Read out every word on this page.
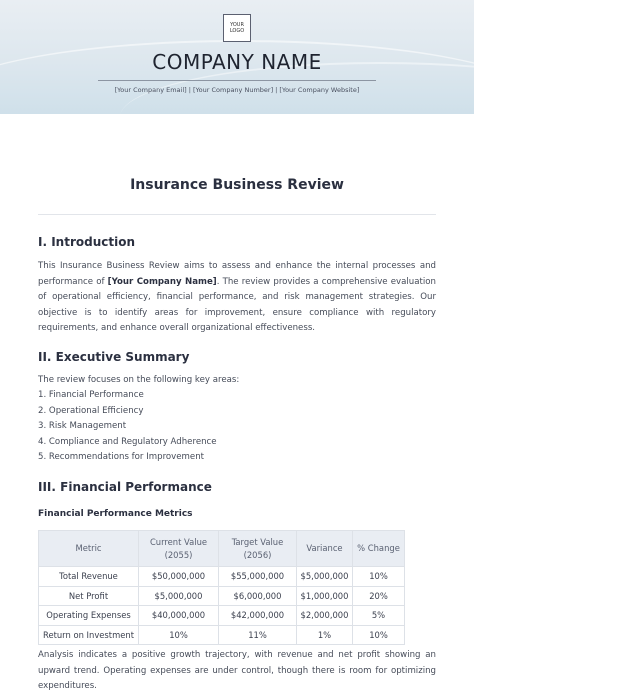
YOUR
LOGO
COMPANY NAME
[Your Company Email] | [Your Company Number] | [Your Company Website]
Insurance Business Review
I. Introduction

This Insurance Business Review aims to assess and enhance the internal processes and performance of [Your Company Name]. The review provides a comprehensive evaluation of operational efficiency, financial performance, and risk management strategies. Our objective is to identify areas for improvement, ensure compliance with regulatory requirements, and enhance overall organizational effectiveness.

II. Executive Summary
The review focuses on the following key areas:
1. Financial Performance
2. Operational Efficiency
3. Risk Management
4. Compliance and Regulatory Adherence
5. Recommendations for Improvement
III. Financial Performance
Financial Performance Metrics
Metric	Current Value (2055)	Target Value (2056)	Variance	% Change
Total Revenue	$50,000,000	$55,000,000	$5,000,000	10%
Net Profit	$5,000,000	$6,000,000	$1,000,000	20%
Operating Expenses	$40,000,000	$42,000,000	$2,000,000	5%
Return on Investment	10%	11%	1%	10%

Analysis indicates a positive growth trajectory, with revenue and net profit showing an upward trend. Operating expenses are under control, though there is room for optimizing expenditures.
